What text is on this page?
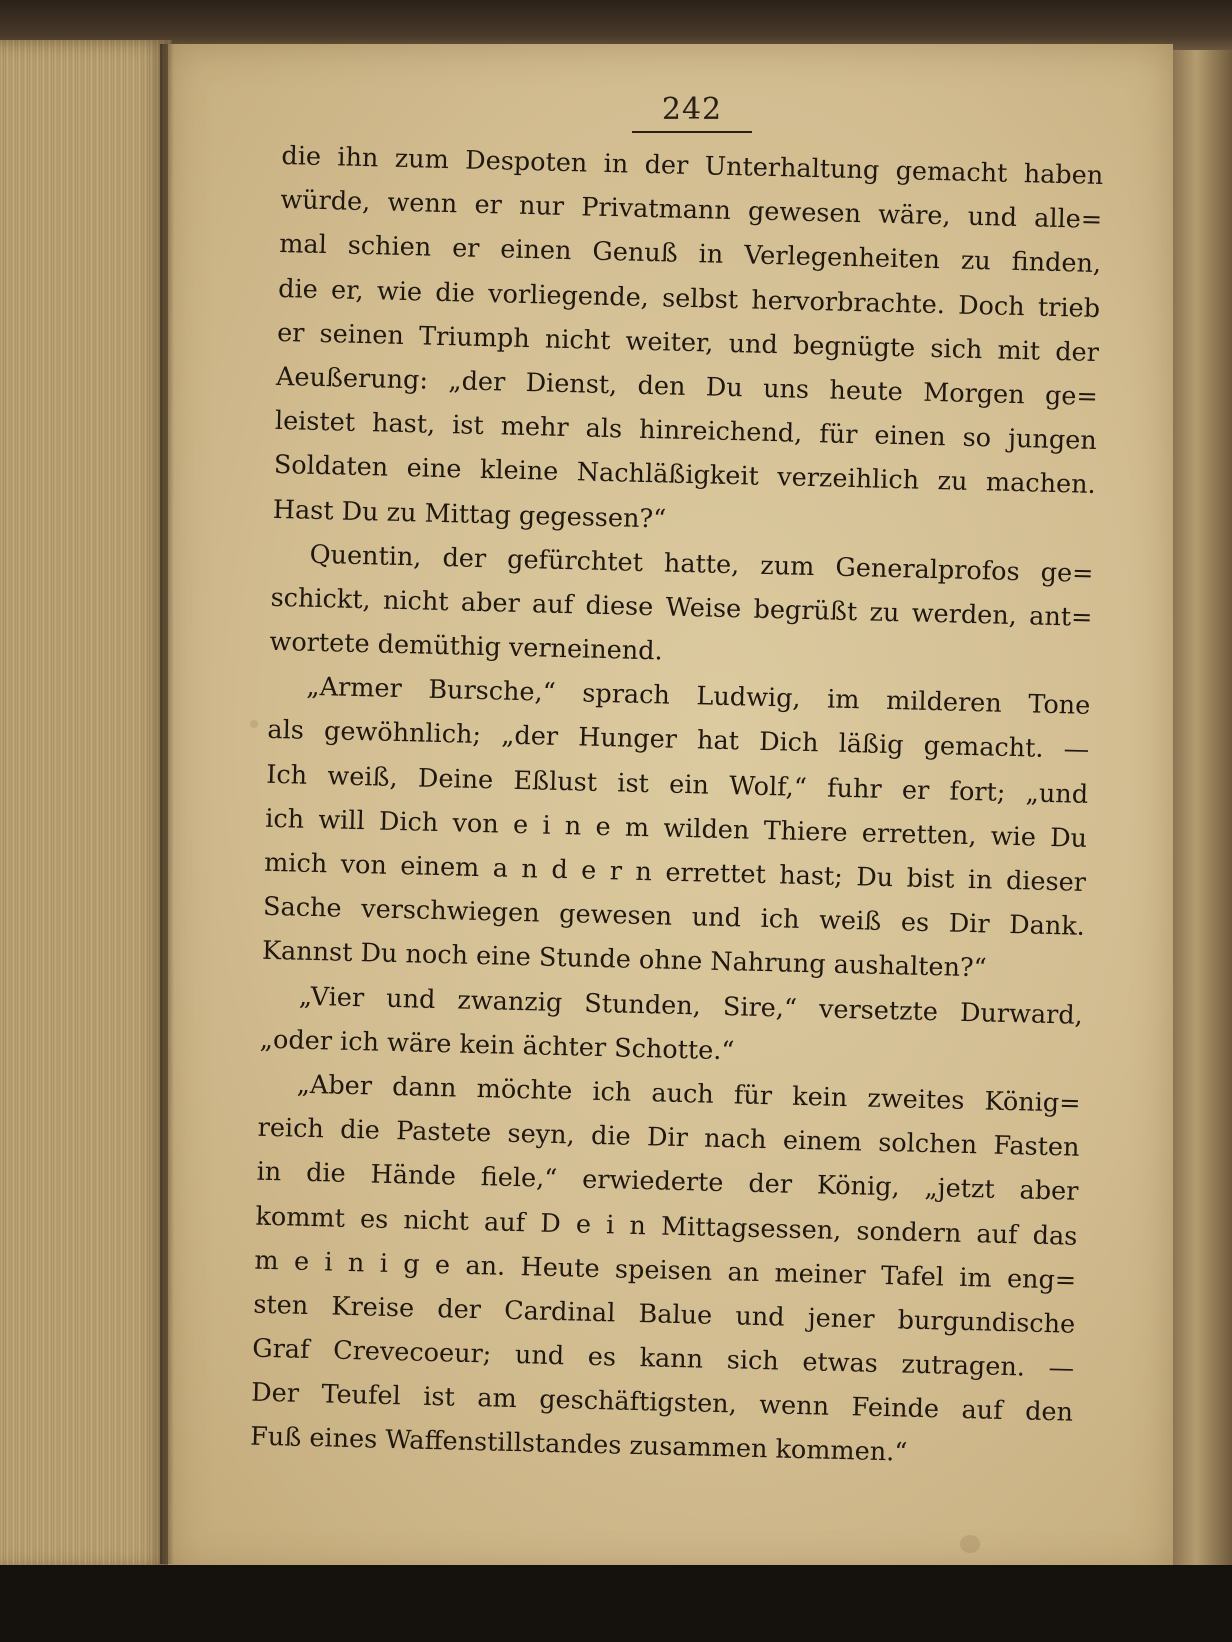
242
die ihn zum Despoten in der Unterhaltung gemacht haben
würde, wenn er nur Privatmann gewesen wäre, und alle=
mal schien er einen Genuß in Verlegenheiten zu finden,
die er, wie die vorliegende, selbst hervorbrachte. Doch trieb
er seinen Triumph nicht weiter, und begnügte sich mit der
Aeußerung: „der Dienst, den Du uns heute Morgen ge=
leistet hast, ist mehr als hinreichend, für einen so jungen
Soldaten eine kleine Nachläßigkeit verzeihlich zu machen.
Hast Du zu Mittag gegessen?“
Quentin, der gefürchtet hatte, zum Generalprofos ge=
schickt, nicht aber auf diese Weise begrüßt zu werden, ant=
wortete demüthig verneinend.
„Armer Bursche,“ sprach Ludwig, im milderen Tone
als gewöhnlich; „der Hunger hat Dich läßig gemacht. —
Ich weiß, Deine Eßlust ist ein Wolf,“ fuhr er fort; „und
ich will Dich von e i n e m wilden Thiere erretten, wie Du
mich von einem a n d e r n errettet hast; Du bist in dieser
Sache verschwiegen gewesen und ich weiß es Dir Dank.
Kannst Du noch eine Stunde ohne Nahrung aushalten?“
„Vier und zwanzig Stunden, Sire,“ versetzte Durward,
„oder ich wäre kein ächter Schotte.“
„Aber dann möchte ich auch für kein zweites König=
reich die Pastete seyn, die Dir nach einem solchen Fasten
in die Hände fiele,“ erwiederte der König, „jetzt aber
kommt es nicht auf D e i n Mittagsessen, sondern auf das
m e i n i g e an. Heute speisen an meiner Tafel im eng=
sten Kreise der Cardinal Balue und jener burgundische
Graf Crevecoeur; und es kann sich etwas zutragen. —
Der Teufel ist am geschäftigsten, wenn Feinde auf den
Fuß eines Waffenstillstandes zusammen kommen.“
